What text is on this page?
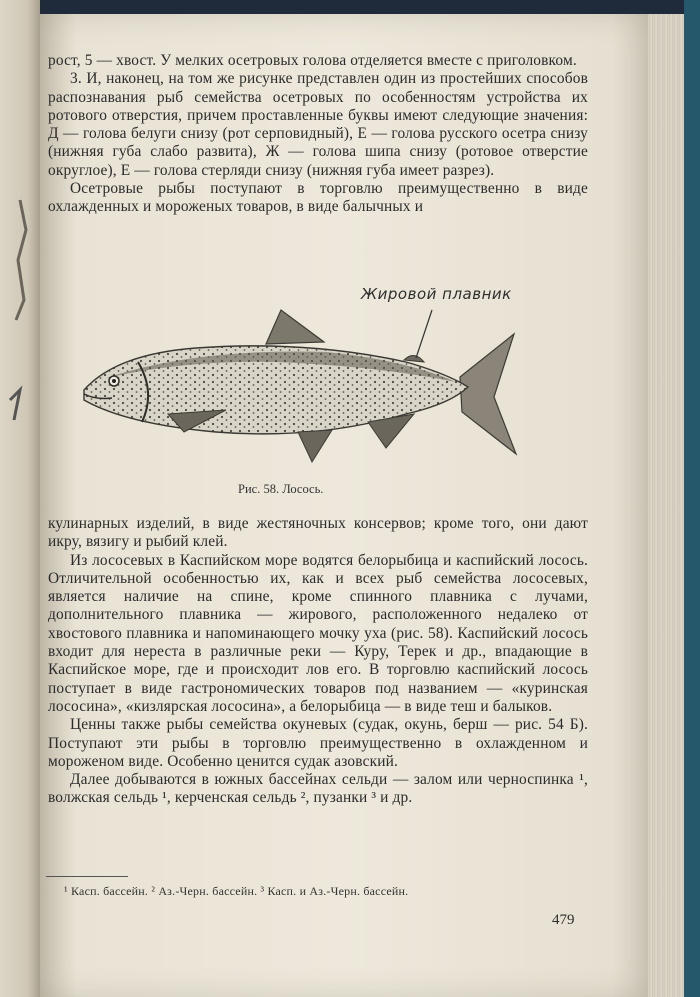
рост, 5 — хвост. У мелких осетровых голова отделяется вместе с приголовком.

3. И, наконец, на том же рисунке представлен один из простейших способов распознавания рыб семейства осетровых по особенностям устройства их ротового отверстия, причем проставленные буквы имеют следующие значения: Д — голова белуги снизу (рот серповидный), Е — голова русского осетра снизу (нижняя губа слабо развита), Ж — голова шипа снизу (ротовое отверстие округлое), Е — голова стерляди снизу (нижняя губа имеет разрез).

Осетровые рыбы поступают в торговлю преимущественно в виде охлажденных и мороженых товаров, в виде балычных и

Жировой плавник
Рис. 58. Лосось.

кулинарных изделий, в виде жестяночных консервов; кроме того, они дают икру, вязигу и рыбий клей.

Из лососевых в Каспийском море водятся белорыбица и каспийский лосось. Отличительной особенностью их, как и всех рыб семейства лососевых, является наличие на спине, кроме спинного плавника с лучами, дополнительного плавника — жирового, расположенного недалеко от хвостового плавника и напоминающего мочку уха (рис. 58). Каспийский лосось входит для нереста в различные реки — Куру, Терек и др., впадающие в Каспийское море, где и происходит лов его. В торговлю каспийский лосось поступает в виде гастрономических товаров под названием — «куринская лососина», «кизлярская лососина», а белорыбица — в виде теш и балыков.

Ценны также рыбы семейства окуневых (судак, окунь, берш — рис. 54 Б). Поступают эти рыбы в торговлю преимущественно в охлажденном и мороженом виде. Особенно ценится судак азовский.

Далее добываются в южных бассейнах сельди — залом или черноспинка ¹, волжская сельдь ¹, керченская сельдь ², пузанки ³ и др.

¹ Касп. бассейн. ² Аз.-Черн. бассейн. ³ Касп. и Аз.-Черн. бассейн.
479
